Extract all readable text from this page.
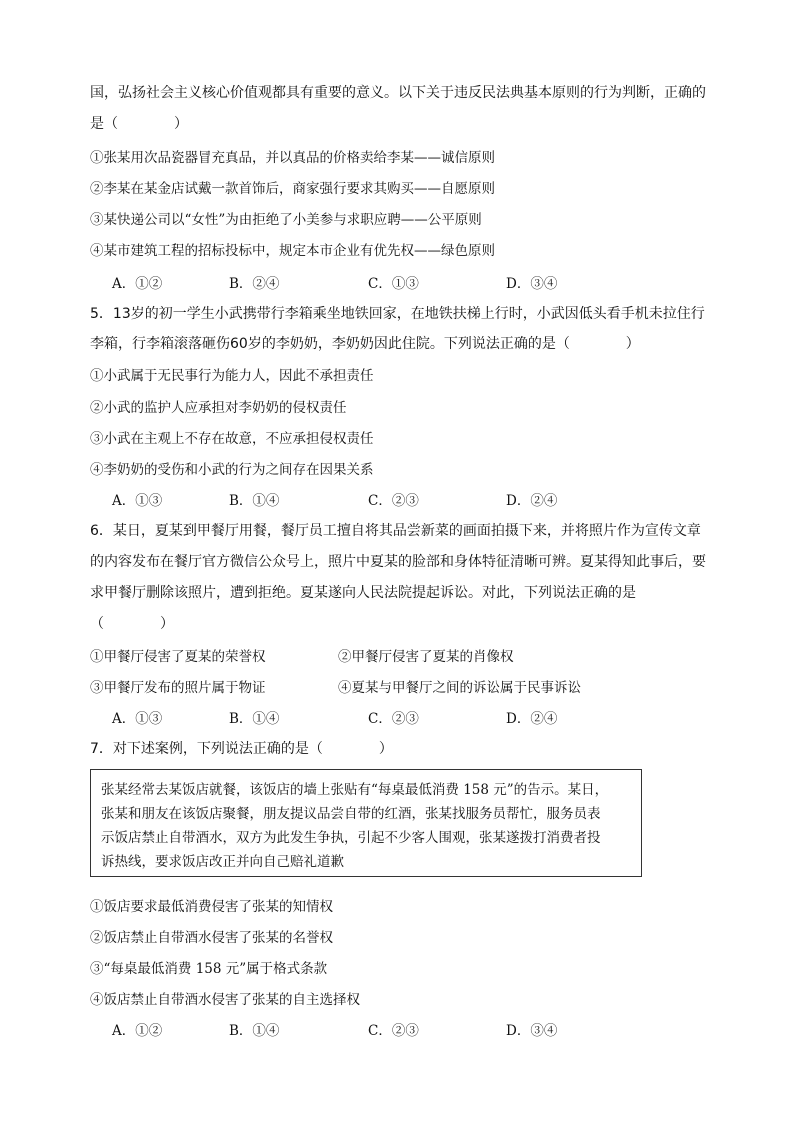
国，弘扬社会主义核心价值观都具有重要的意义。以下关于违反民法典基本原则的行为判断，正确的
是（　　　　）
①张某用次品瓷器冒充真品，并以真品的价格卖给李某——诚信原则
②李某在某金店试戴一款首饰后，商家强行要求其购买——自愿原则
③某快递公司以“女性”为由拒绝了小美参与求职应聘——公平原则
④某市建筑工程的招标投标中，规定本市企业有优先权——绿色原则
A．①②	B．②④	C．①③	D．③④
5．13岁的初一学生小武携带行李箱乘坐地铁回家，在地铁扶梯上行时，小武因低头看手机未拉住行
李箱，行李箱滚落砸伤60岁的李奶奶，李奶奶因此住院。下列说法正确的是（　　　　）
①小武属于无民事行为能力人，因此不承担责任
②小武的监护人应承担对李奶奶的侵权责任
③小武在主观上不存在故意，不应承担侵权责任
④李奶奶的受伤和小武的行为之间存在因果关系
A．①③	B．①④	C．②③	D．②④
6．某日，夏某到甲餐厅用餐，餐厅员工擅自将其品尝新菜的画面拍摄下来，并将照片作为宣传文章
的内容发布在餐厅官方微信公众号上，照片中夏某的脸部和身体特征清晰可辨。夏某得知此事后，要
求甲餐厅删除该照片，遭到拒绝。夏某遂向人民法院提起诉讼。对此，下列说法正确的是
（　　　　）
①甲餐厅侵害了夏某的荣誉权	②甲餐厅侵害了夏某的肖像权
③甲餐厅发布的照片属于物证	④夏某与甲餐厅之间的诉讼属于民事诉讼
A．①③	B．①④	C．②③	D．②④
7．对下述案例，下列说法正确的是（　　　　）
张某经常去某饭店就餐，该饭店的墙上张贴有“每桌最低消费 158 元”的告示。某日，
张某和朋友在该饭店聚餐，朋友提议品尝自带的红酒，张某找服务员帮忙，服务员表
示饭店禁止自带酒水，双方为此发生争执，引起不少客人围观，张某遂拨打消费者投
诉热线，要求饭店改正并向自己赔礼道歉
①饭店要求最低消费侵害了张某的知情权
②饭店禁止自带酒水侵害了张某的名誉权
③“每桌最低消费 158 元”属于格式条款
④饭店禁止自带酒水侵害了张某的自主选择权
A．①②	B．①④	C．②③	D．③④
